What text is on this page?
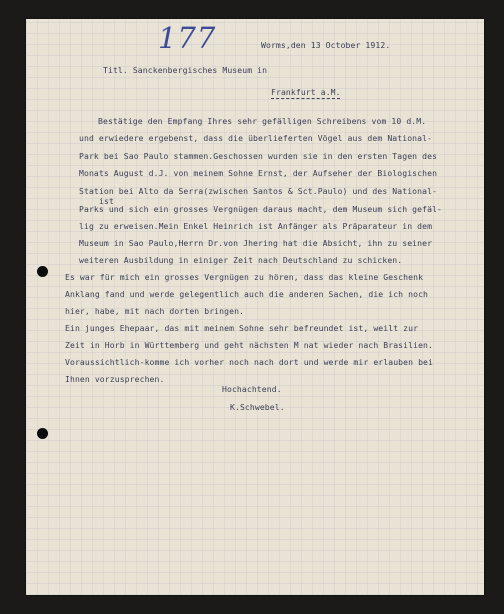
177	Worms,den 13 October 1912.
Titl. Sanckenbergisches Museum in
Frankfurt a.M.
Bestätige den Empfang Ihres sehr gefälligen Schreibens vom 10 d.M.
und erwiedere ergebenst, dass die überlieferten Vögel aus dem National-
Park bei Sao Paulo stammen.Geschossen wurden sie in den ersten Tagen des
Monats August d.J. von meinem Sohne Ernst, der Aufseher der Biologischen
Station bei Alto da Serra(zwischen Santos & Sct.Paulo) und des National-
ist
Parks und sich ein grosses Vergnügen daraus macht, dem Museum sich gefäl-
lig zu erweisen.Mein Enkel Heinrich ist Anfänger als Präparateur in dem
Museum in Sao Paulo,Herrn Dr.von Jhering hat die Absicht, ihn zu seiner
weiteren Ausbildung in einiger Zeit nach Deutschland zu schicken.
Es war für mich ein grosses Vergnügen zu hören, dass das kleine Geschenk
Anklang fand und werde gelegentlich auch die anderen Sachen, die ich noch
hier, habe, mit nach dorten bringen.
Ein junges Ehepaar, das mit meinem Sohne sehr befreundet ist, weilt zur
Zeit in Horb in Württemberg und geht nächsten M nat wieder nach Brasilien.
Voraussichtlich-komme ich vorher noch nach dort und werde mir erlauben bei
Ihnen vorzusprechen.
Hochachtend.
K.Schwebel.
